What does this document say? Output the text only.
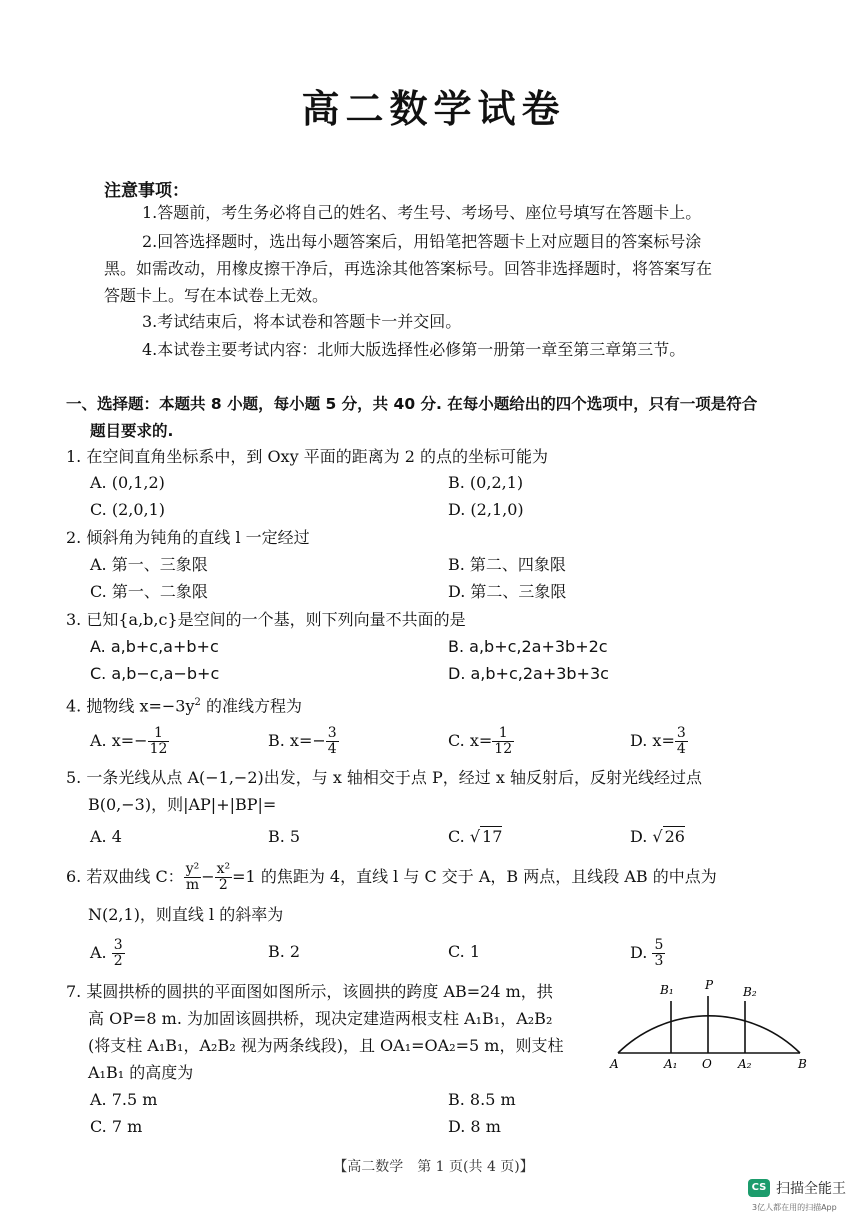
高二数学试卷
注意事项：
1.答题前，考生务必将自己的姓名、考生号、考场号、座位号填写在答题卡上。
2.回答选择题时，选出每小题答案后，用铅笔把答题卡上对应题目的答案标号涂
黑。如需改动，用橡皮擦干净后，再选涂其他答案标号。回答非选择题时，将答案写在
答题卡上。写在本试卷上无效。
3.考试结束后，将本试卷和答题卡一并交回。
4.本试卷主要考试内容：北师大版选择性必修第一册第一章至第三章第三节。
一、选择题：本题共 8 小题，每小题 5 分，共 40 分. 在每小题给出的四个选项中，只有一项是符合
题目要求的.
1. 在空间直角坐标系中，到 Oxy 平面的距离为 2 的点的坐标可能为
A. (0,1,2)	B. (0,2,1)
C. (2,0,1)	D. (2,1,0)
2. 倾斜角为钝角的直线 l 一定经过
A. 第一、三象限	B. 第二、四象限
C. 第一、二象限	D. 第二、三象限
3. 已知{a,b,c}是空间的一个基，则下列向量不共面的是
A. a,b+c,a+b+c	B. a,b+c,2a+3b+2c
C. a,b−c,a−b+c	D. a,b+c,2a+3b+3c
4. 抛物线 $x=-3y^2$ 的准线方程为
A. $x=- \frac{1}{12}$	B. $x=- \frac{3}{4}$	C. $x= \frac{1}{12}$	D. $x= \frac{3}{4}$
5. 一条光线从点 A(−1,−2)出发，与 x 轴相交于点 P，经过 x 轴反射后，反射光线经过点
B(0,−3)，则|AP|+|BP|=
A. 4	B. 5	C. √ 17	D. √ 26
6. 若双曲线 C： $\frac{\text{y²}}{m} - \frac{\text{x²}}{2} =1$ 的焦距为 4，直线 l 与 C 交于 A，B 两点，且线段 AB 的中点为
N(2,1)，则直线 l 的斜率为
A. $\frac{3}{2}$	B. 2	C. 1	D. $\frac{5}{3}$
7. 某圆拱桥的圆拱的平面图如图所示，该圆拱的跨度 AB=24 m，拱
高 OP=8 m. 为加固该圆拱桥，现决定建造两根支柱 A₁B₁，A₂B₂
(将支柱 A₁B₁，A₂B₂ 视为两条线段)，且 OA₁=OA₂=5 m，则支柱
A₁B₁ 的高度为
A. 7.5 m	B. 8.5 m
C. 7 m	D. 8 m
B₁	P B₂
A	A₁ O A₂	B
【高二数学　第 1 页(共 4 页)】
CS 扫描全能王
3亿人都在用的扫描App
